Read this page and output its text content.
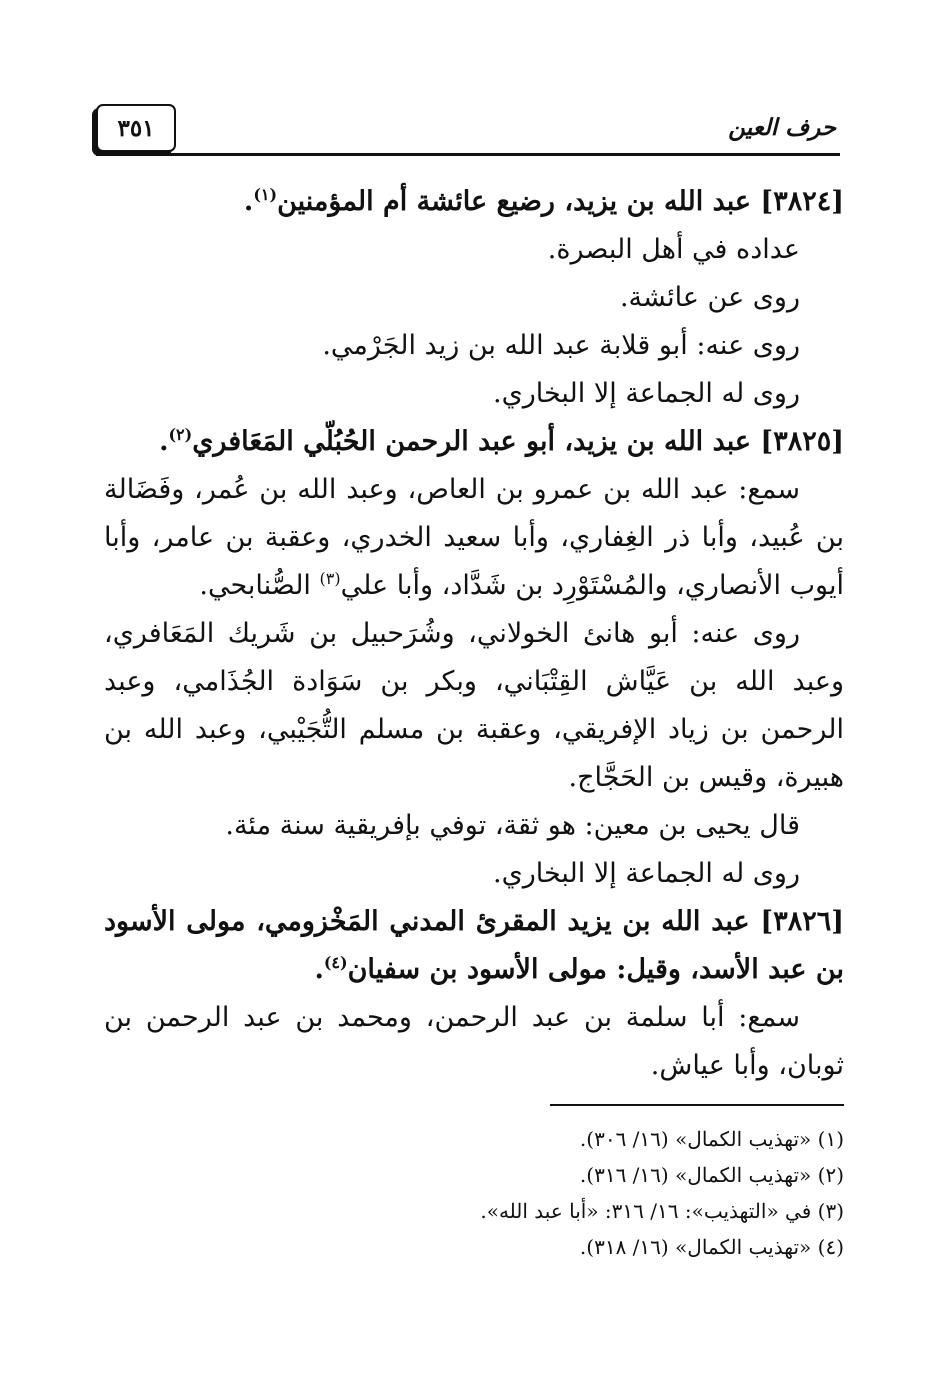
٣٥١	حرف العين

[٣٨٢٤] عبد الله بن يزيد، رضيع عائشة أم المؤمنين$^{(١)}$.

عداده في أهل البصرة.

روى عن عائشة.

روى عنه: أبو قلابة عبد الله بن زيد الجَرْمي.

روى له الجماعة إلا البخاري.

[٣٨٢٥] عبد الله بن يزيد، أبو عبد الرحمن الحُبُلّي المَعَافري$^{(٢)}$.

سمع: عبد الله بن عمرو بن العاص، وعبد الله بن عُمر، وفَضَالة بن عُبيد، وأبا ذر الغِفاري، وأبا سعيد الخدري، وعقبة بن عامر، وأبا أيوب الأنصاري، والمُسْتَوْرِد بن شَدَّاد، وأبا علي$^{(٣)}$ الصُّنابحي.

روى عنه: أبو هانئ الخولاني، وشُرَحبيل بن شَريك المَعَافري، وعبد الله بن عَيَّاش القِتْبَاني، وبكر بن سَوَادة الجُذَامي، وعبد الرحمن بن زياد الإفريقي، وعقبة بن مسلم التُّجَيْبي، وعبد الله بن هبيرة، وقيس بن الحَجَّاج.

قال يحيى بن معين: هو ثقة، توفي بإفريقية سنة مئة.

روى له الجماعة إلا البخاري.

[٣٨٢٦] عبد الله بن يزيد المقرئ المدني المَخْزومي، مولى الأسود بن عبد الأسد، وقيل: مولى الأسود بن سفيان$^{(٤)}$.

سمع: أبا سلمة بن عبد الرحمن، ومحمد بن عبد الرحمن بن ثوبان، وأبا عياش.

(١) «تهذيب الكمال» (١٦/ ٣٠٦).

(٢) «تهذيب الكمال» (١٦/ ٣١٦).

(٣) في «التهذيب»: ١٦/ ٣١٦: «أبا عبد الله».

(٤) «تهذيب الكمال» (١٦/ ٣١٨).
